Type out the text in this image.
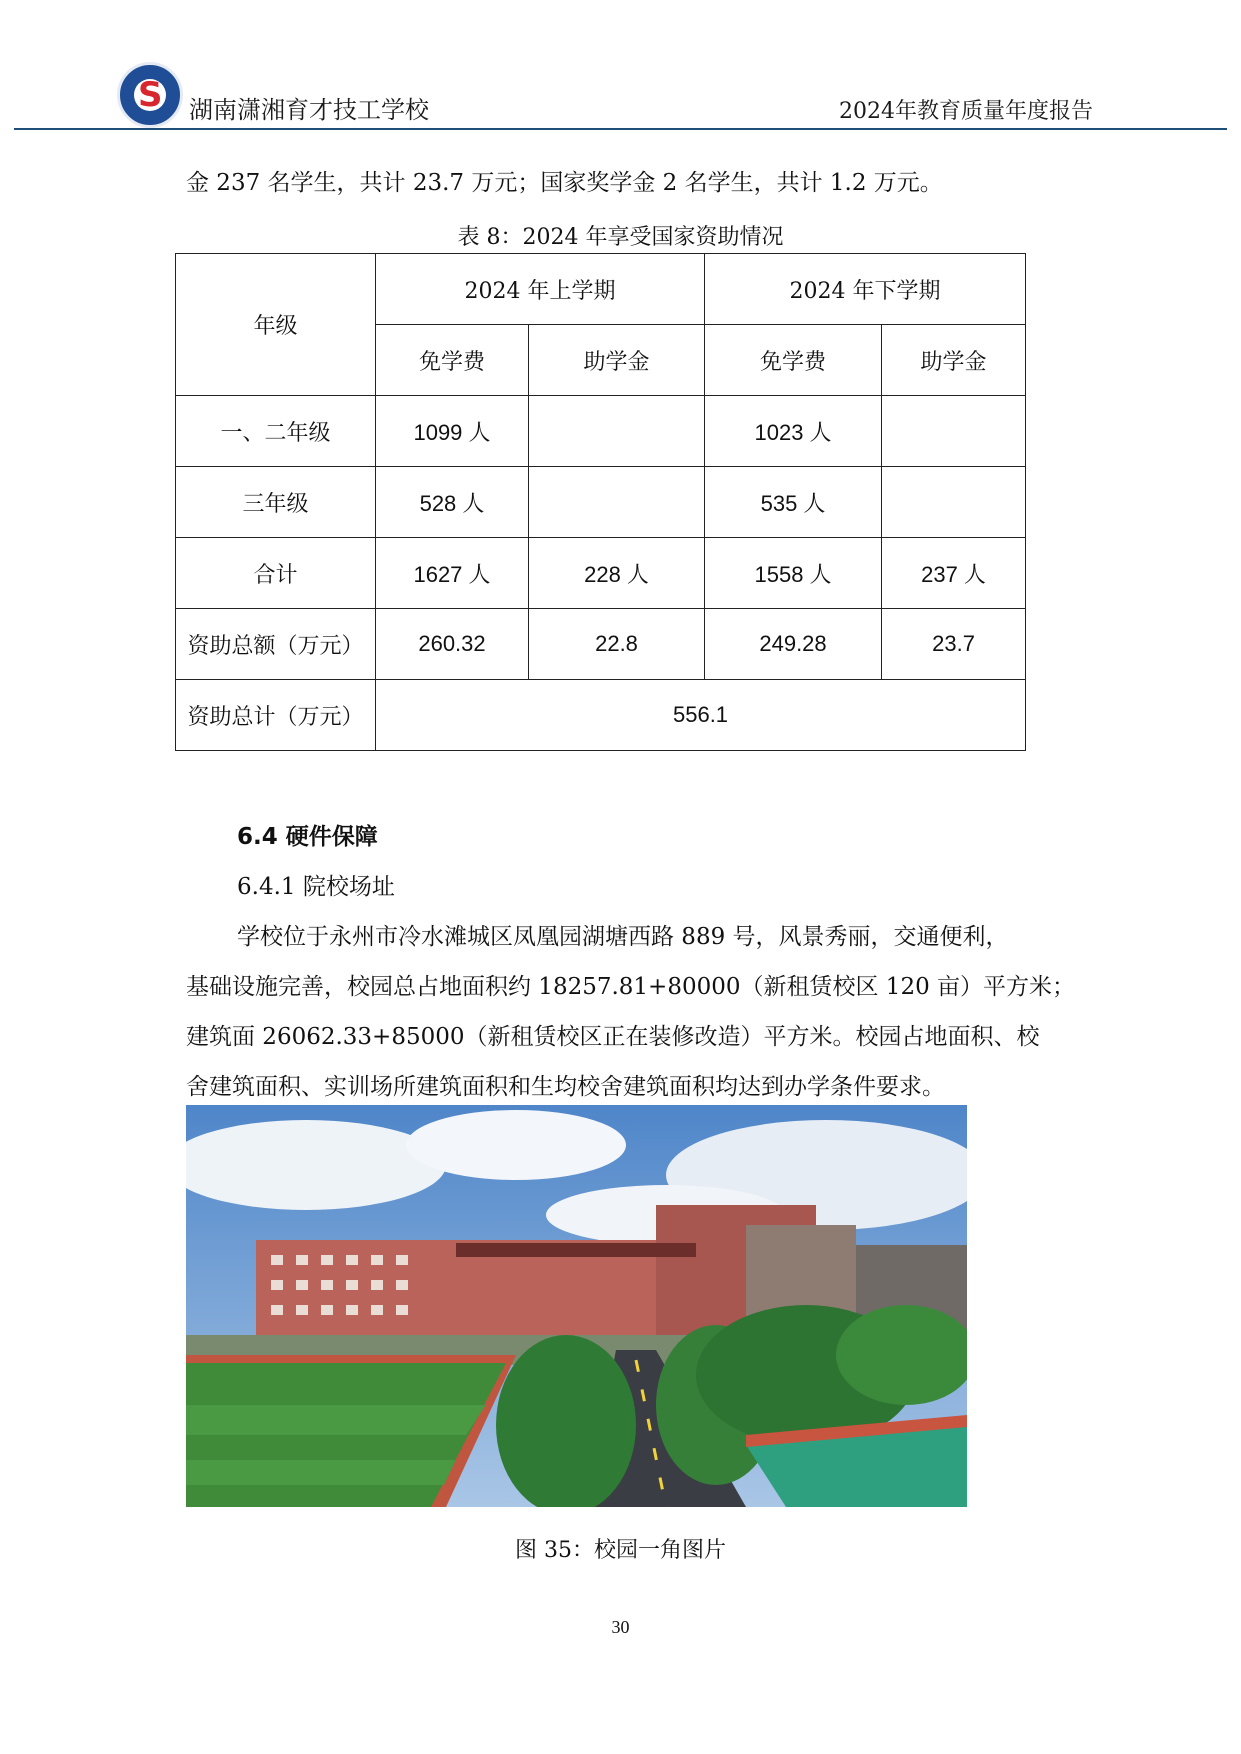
S 湖南潇湘育才技工学校	2024年教育质量年度报告
金 237 名学生，共计 23.7 万元；国家奖学金 2 名学生，共计 1.2 万元。
表 8：2024 年享受国家资助情况
年级	2024 年上学期		2024 年下学期	
	免学费	助学金	免学费	助学金
一、二年级	1099 人		1023 人	
三年级	528 人		535 人	
合计	1627 人	228 人	1558 人	237 人
资助总额（万元）	260.32	22.8	249.28	23.7
资助总计（万元）	556.1			
6.4 硬件保障
6.4.1 院校场址
学校位于永州市冷水滩城区凤凰园湖塘西路 889 号，风景秀丽，交通便利，
基础设施完善，校园总占地面积约 18257.81+80000（新租赁校区 120 亩）平方米；
建筑面 26062.33+85000（新租赁校区正在装修改造）平方米。校园占地面积、校
舍建筑面积、实训场所建筑面积和生均校舍建筑面积均达到办学条件要求。
图 35：校园一角图片
30
